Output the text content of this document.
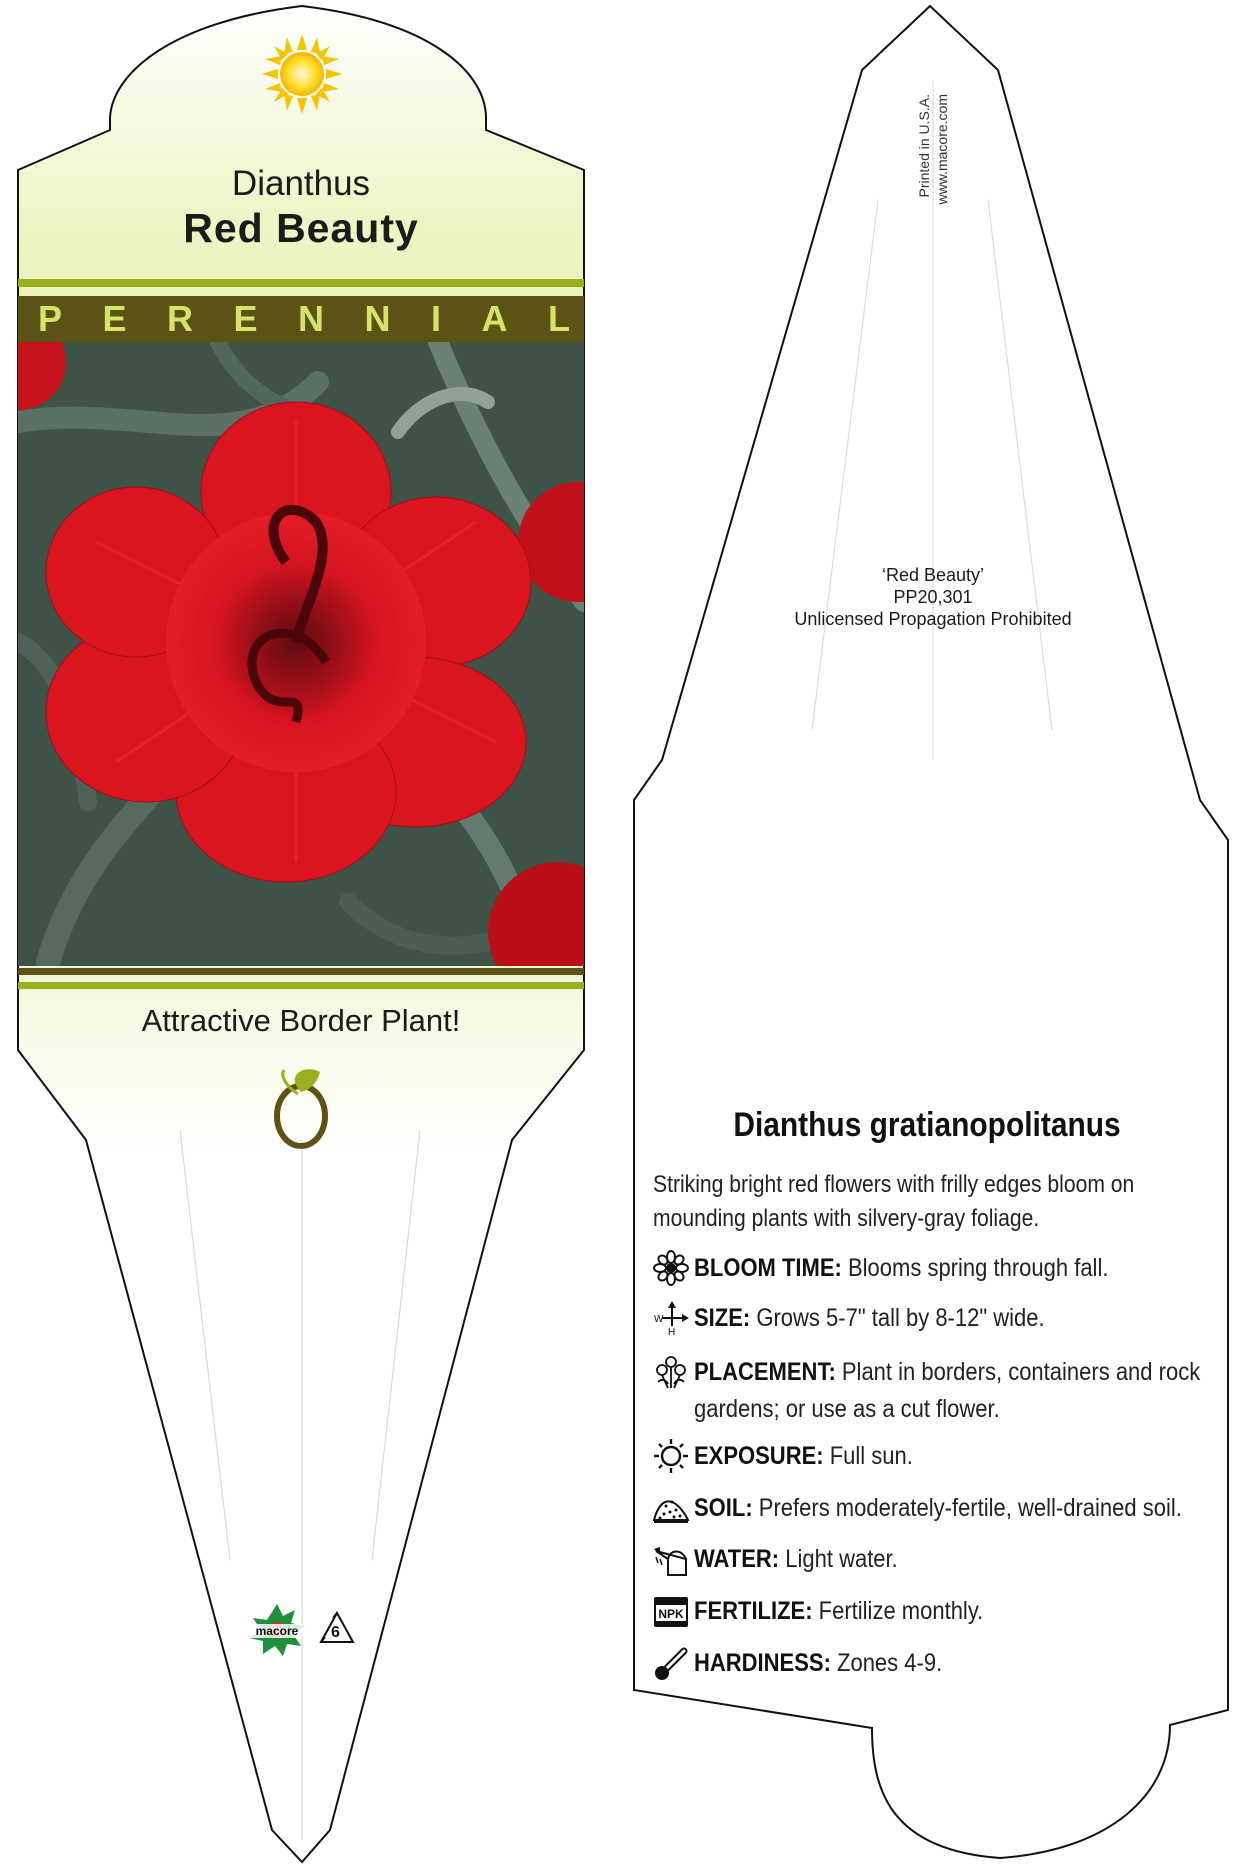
Dianthus
Red Beauty
P E R E N N I A L
Attractive Border Plant!
macore 6
Printed in U.S.A. www.macore.com
‘Red Beauty’
PP20,301
Unlicensed Propagation Prohibited
Dianthus gratianopolitanus
Striking bright red flowers with frilly edges bloom on mounding plants with silvery-gray foliage.
BLOOM TIME: Blooms spring through fall.
W
H
SIZE: Grows 5-7" tall by 8-12" wide.
PLACEMENT: Plant in borders, containers and rock gardens; or use as a cut flower.
EXPOSURE: Full sun.
SOIL: Prefers moderately-fertile, well-drained soil.
WATER: Light water.
NPK FERTILIZE: Fertilize monthly.
HARDINESS: Zones 4-9.
